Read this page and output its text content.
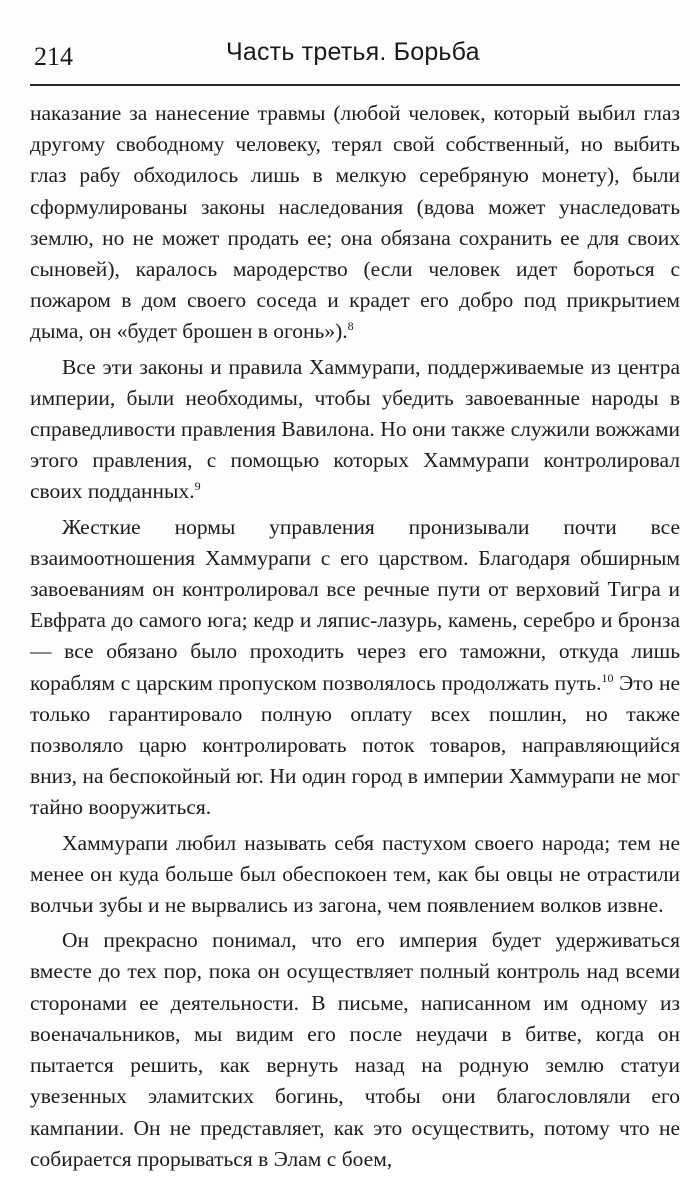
214	Часть третья. Борьба

наказание за нанесение травмы (любой человек, который выбил глаз другому свободному человеку, терял свой собственный, но выбить глаз рабу обходилось лишь в мелкую серебряную монету), были сформулированы законы наследования (вдова может унаследовать землю, но не может продать ее; она обязана сохранить ее для своих сыновей), каралось мародерство (если человек идет бороться с пожаром в дом своего соседа и крадет его добро под прикрытием дыма, он «будет брошен в огонь»).$^8$

Все эти законы и правила Хаммурапи, поддерживаемые из центра империи, были необходимы, чтобы убедить завоеванные народы в справедливости правления Вавилона. Но они также служили вожжами этого правления, с помощью которых Хаммурапи контролировал своих подданных.$^9$

Жесткие нормы управления пронизывали почти все взаимоотношения Хаммурапи с его царством. Благодаря обширным завоеваниям он контролировал все речные пути от верховий Тигра и Евфрата до самого юга; кедр и ляпис-лазурь, камень, серебро и бронза — все обязано было проходить через его таможни, откуда лишь кораблям с царским пропуском позволялось продолжать путь.$^{10}$ Это не только гарантировало полную оплату всех пошлин, но также позволяло царю контролировать поток товаров, направляющийся вниз, на беспокойный юг. Ни один город в империи Хаммурапи не мог тайно вооружиться.

Хаммурапи любил называть себя пастухом своего народа; тем не менее он куда больше был обеспокоен тем, как бы овцы не отрастили волчьи зубы и не вырвались из загона, чем появлением волков извне.

Он прекрасно понимал, что его империя будет удерживаться вместе до тех пор, пока он осуществляет полный контроль над всеми сторонами ее деятельности. В письме, написанном им одному из военачальников, мы видим его после неудачи в битве, когда он пытается решить, как вернуть назад на родную землю статуи увезенных эламитских богинь, чтобы они благословляли его кампании. Он не представляет, как это осуществить, потому что не собирается прорываться в Элам с боем,
